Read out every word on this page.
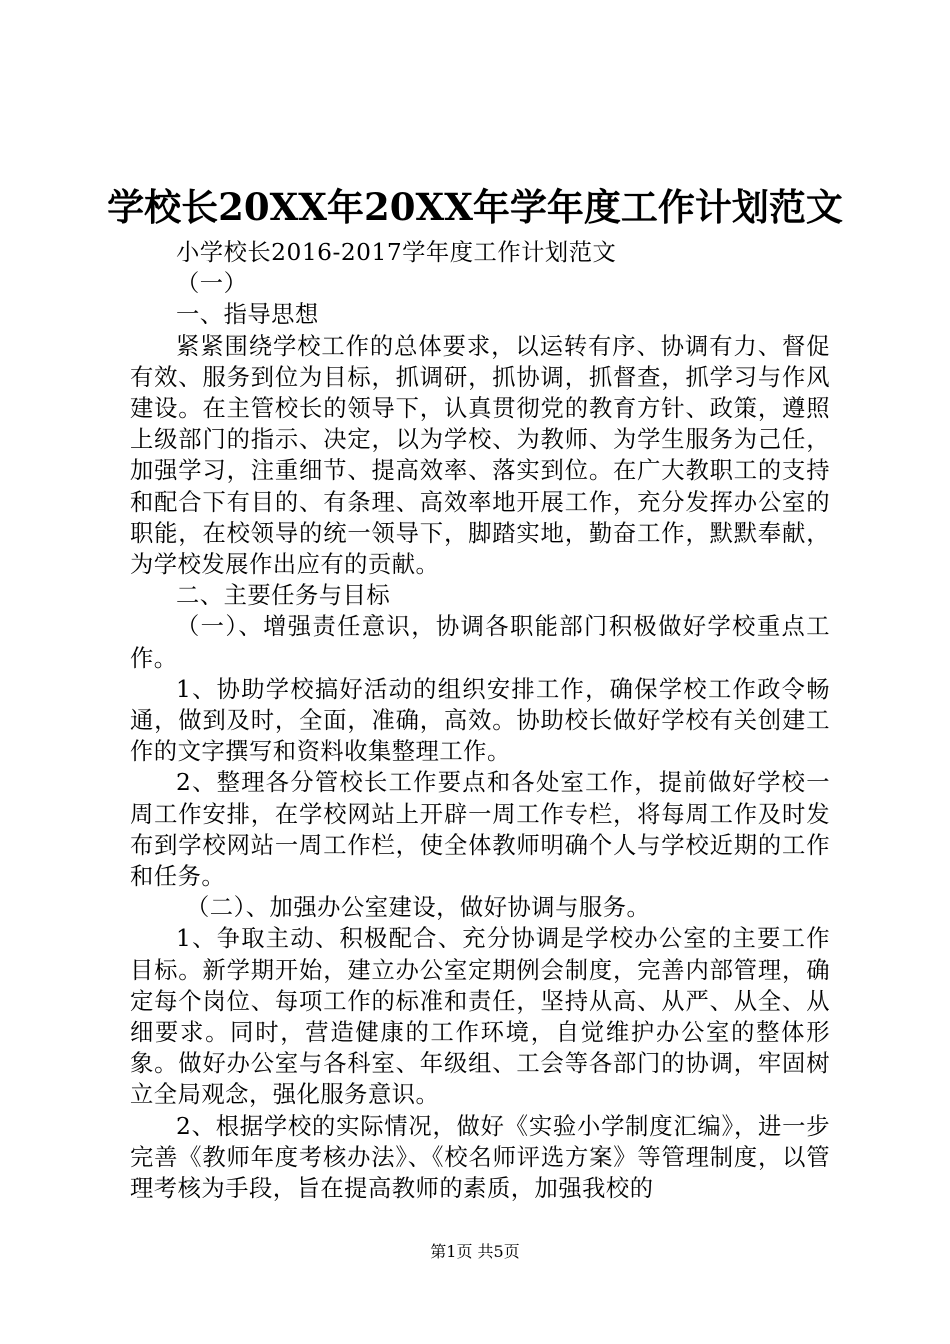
学校长20XX年20XX年学年度工作计划范文

小学校长2016-2017学年度工作计划范文

（一）

一、指导思想

紧紧围绕学校工作的总体要求，以运转有序、协调有力、督促有效、服务到位为目标，抓调研，抓协调，抓督查，抓学习与作风建设。在主管校长的领导下，认真贯彻党的教育方针、政策，遵照上级部门的指示、决定，以为学校、为教师、为学生服务为己任，加强学习，注重细节、提高效率、落实到位。在广大教职工的支持和配合下有目的、有条理、高效率地开展工作，充分发挥办公室的职能，在校领导的统一领导下，脚踏实地，勤奋工作，默默奉献，为学校发展作出应有的贡献。

二、主要任务与目标

（一）、增强责任意识，协调各职能部门积极做好学校重点工作。

1、协助学校搞好活动的组织安排工作，确保学校工作政令畅通，做到及时，全面，准确，高效。协助校长做好学校有关创建工作的文字撰写和资料收集整理工作。

2、整理各分管校长工作要点和各处室工作，提前做好学校一周工作安排，在学校网站上开辟一周工作专栏，将每周工作及时发布到学校网站一周工作栏，使全体教师明确个人与学校近期的工作和任务。

（二）、加强办公室建设，做好协调与服务。

1、争取主动、积极配合、充分协调是学校办公室的主要工作目标。新学期开始，建立办公室定期例会制度，完善内部管理，确定每个岗位、每项工作的标准和责任，坚持从高、从严、从全、从细要求。同时，营造健康的工作环境，自觉维护办公室的整体形象。做好办公室与各科室、年级组、工会等各部门的协调，牢固树立全局观念，强化服务意识。

2、根据学校的实际情况，做好《实验小学制度汇编》，进一步完善《教师年度考核办法》、《校名师评选方案》等管理制度，以管理考核为手段，旨在提高教师的素质，加强我校的

第1页 共5页
